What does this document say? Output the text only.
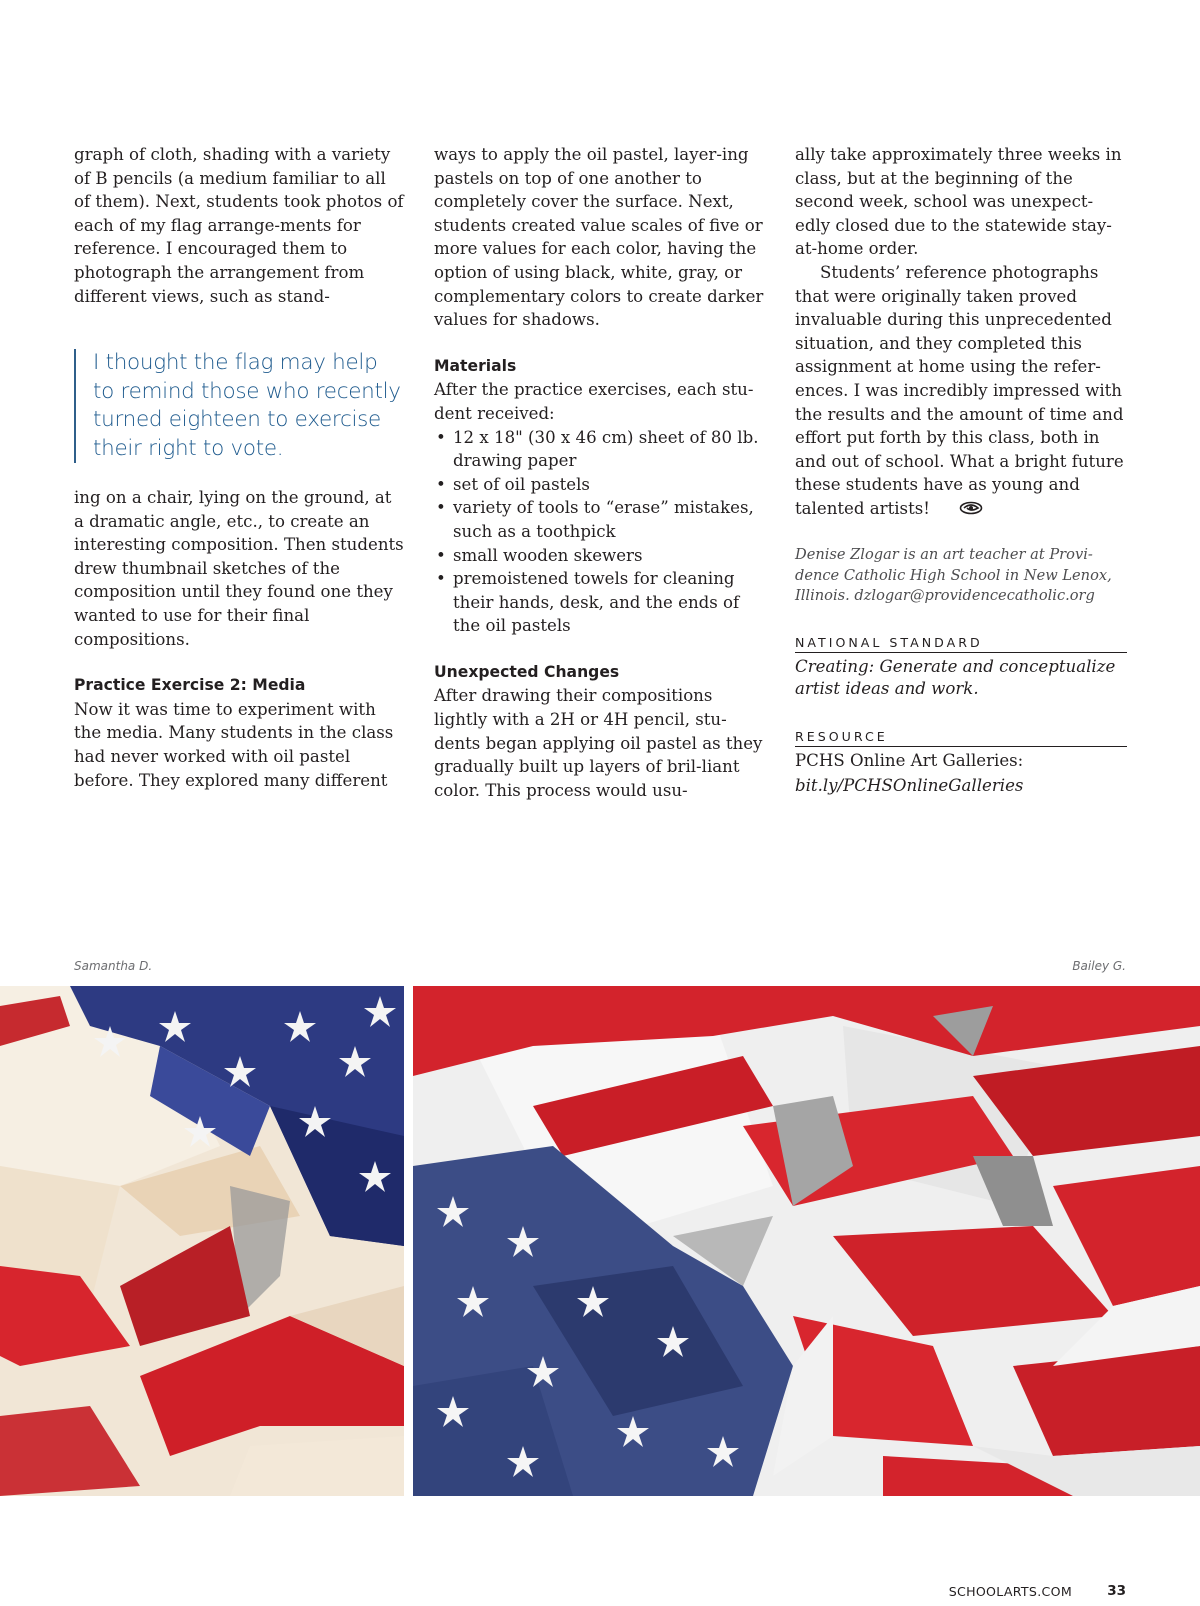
graph of cloth, shading with a variety of B pencils (a medium familiar to all of them). Next, students took photos of each of my flag arrange-ments for reference. I encouraged them to photograph the arrangement from different views, such as stand-

I thought the flag may help to remind those who recently turned eighteen to exercise their right to vote.

ing on a chair, lying on the ground, at a dramatic angle, etc., to create an interesting composition. Then students drew thumbnail sketches of the composition until they found one they wanted to use for their final compositions.

Practice Exercise 2: Media

Now it was time to experiment with the media. Many students in the class had never worked with oil pastel before. They explored many different

ways to apply the oil pastel, layer-ing pastels on top of one another to completely cover the surface. Next, students created value scales of five or more values for each color, having the option of using black, white, gray, or complementary colors to create darker values for shadows.

Materials

After the practice exercises, each stu-dent received:

• 12 x 18" (30 x 46 cm) sheet of 80 lb. drawing paper
• set of oil pastels
• variety of tools to “erase” mistakes, such as a toothpick
• small wooden skewers
• premoistened towels for cleaning their hands, desk, and the ends of the oil pastels

Unexpected Changes

After drawing their compositions lightly with a 2H or 4H pencil, stu-dents began applying oil pastel as they gradually built up layers of bril-liant color. This process would usu-

ally take approximately three weeks in class, but at the beginning of the second week, school was unexpect-edly closed due to the statewide stay-at-home order.

Students’ reference photographs that were originally taken proved invaluable during this unprecedented situation, and they completed this assignment at home using the refer-ences. I was incredibly impressed with the results and the amount of time and effort put forth by this class, both in and out of school. What a bright future these students have as young and talented artists!

Denise Zlogar is an art teacher at Provi-dence Catholic High School in New Lenox, Illinois. dzlogar@providencecatholic.org

NATIONAL STANDARD

Creating: Generate and conceptualize artist ideas and work.

RESOURCE

PCHS Online Art Galleries:

bit.ly/PCHSOnlineGalleries

Samantha D.	Bailey G.
SCHOOLARTS.COM	33
